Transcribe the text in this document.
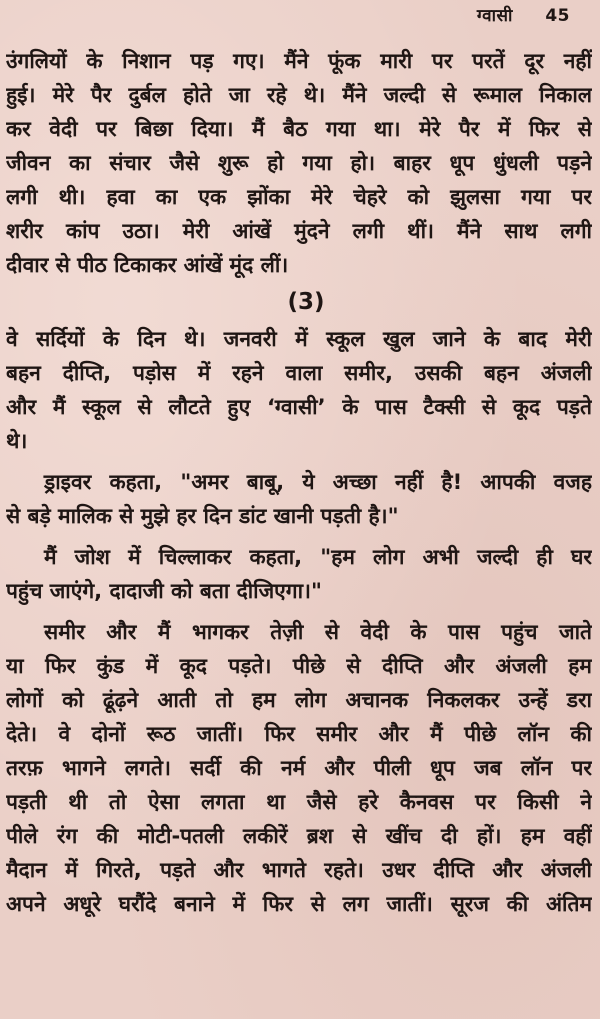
ग्वासी 45
उंगलियों के निशान पड़ गए। मैंने फूंक मारी पर परतें दूर नहीं
हुई। मेरे पैर दुर्बल होते जा रहे थे। मैंने जल्दी से रूमाल निकाल
कर वेदी पर बिछा दिया। मैं बैठ गया था। मेरे पैर में फिर से
जीवन का संचार जैसे शुरू हो गया हो। बाहर धूप धुंधली पड़ने
लगी थी। हवा का एक झोंका मेरे चेहरे को झुलसा गया पर
शरीर कांप उठा। मेरी आंखें मुंदने लगी थीं। मैंने साथ लगी
दीवार से पीठ टिकाकर आंखें मूंद लीं।
(3)
वे सर्दियों के दिन थे। जनवरी में स्कूल खुल जाने के बाद मेरी
बहन दीप्ति, पड़ोस में रहने वाला समीर, उसकी बहन अंजली
और मैं स्कूल से लौटते हुए ‘ग्वासी’ के पास टैक्सी से कूद पड़ते
थे।
ड्राइवर कहता, "अमर बाबू, ये अच्छा नहीं है! आपकी वजह
से बड़े मालिक से मुझे हर दिन डांट खानी पड़ती है।"
मैं जोश में चिल्लाकर कहता, "हम लोग अभी जल्दी ही घर
पहुंच जाएंगे, दादाजी को बता दीजिएगा।"
समीर और मैं भागकर तेज़ी से वेदी के पास पहुंच जाते
या फिर कुंड में कूद पड़ते। पीछे से दीप्ति और अंजली हम
लोगों को ढूंढ़ने आती तो हम लोग अचानक निकलकर उन्हें डरा
देते। वे दोनों रूठ जातीं। फिर समीर और मैं पीछे लॉन की
तरफ़ भागने लगते। सर्दी की नर्म और पीली धूप जब लॉन पर
पड़ती थी तो ऐसा लगता था जैसे हरे कैनवस पर किसी ने
पीले रंग की मोटी-पतली लकीरें ब्रश से खींच दी हों। हम वहीं
मैदान में गिरते, पड़ते और भागते रहते। उधर दीप्ति और अंजली
अपने अधूरे घरौंदे बनाने में फिर से लग जातीं। सूरज की अंतिम
